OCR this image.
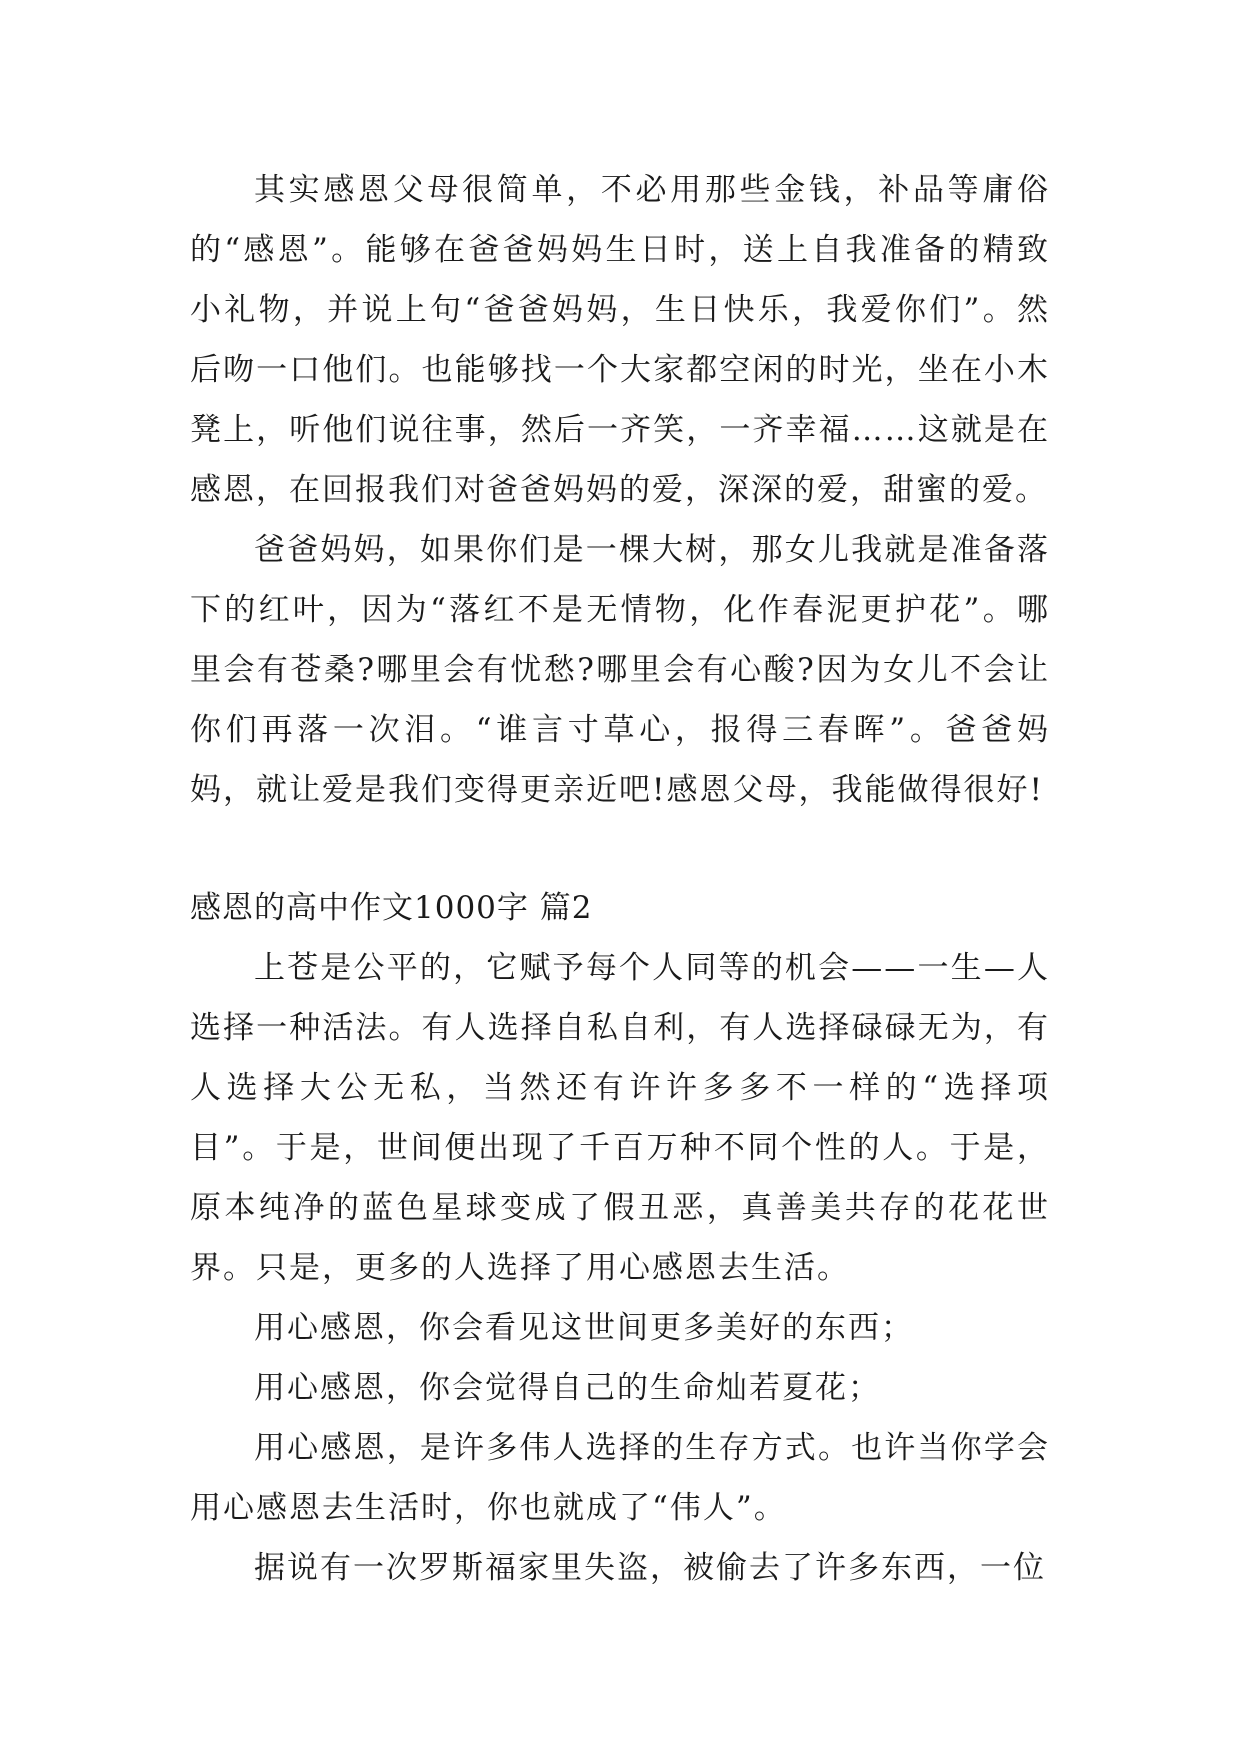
其实感恩父母很简单，不必用那些金钱，补品等庸俗的“感恩”。能够在爸爸妈妈生日时，送上自我准备的精致小礼物，并说上句“爸爸妈妈，生日快乐，我爱你们”。然后吻一口他们。也能够找一个大家都空闲的时光，坐在小木凳上，听他们说往事，然后一齐笑，一齐幸福……这就是在感恩，在回报我们对爸爸妈妈的爱，深深的爱，甜蜜的爱。

爸爸妈妈，如果你们是一棵大树，那女儿我就是准备落下的红叶，因为“落红不是无情物，化作春泥更护花”。哪里会有苍桑?哪里会有忧愁?哪里会有心酸?因为女儿不会让你们再落一次泪。“谁言寸草心，报得三春晖”。爸爸妈妈，就让爱是我们变得更亲近吧!感恩父母，我能做得很好!

感恩的高中作文1000字 篇2

上苍是公平的，它赋予每个人同等的机会——一生—人选择一种活法。有人选择自私自利，有人选择碌碌无为，有人选择大公无私，当然还有许许多多不一样的“选择项目”。于是，世间便出现了千百万种不同个性的人。于是，原本纯净的蓝色星球变成了假丑恶，真善美共存的花花世界。只是，更多的人选择了用心感恩去生活。

用心感恩，你会看见这世间更多美好的东西；

用心感恩，你会觉得自己的生命灿若夏花；

用心感恩，是许多伟人选择的生存方式。也许当你学会用心感恩去生活时，你也就成了“伟人”。

据说有一次罗斯福家里失盗，被偷去了许多东西，一位
